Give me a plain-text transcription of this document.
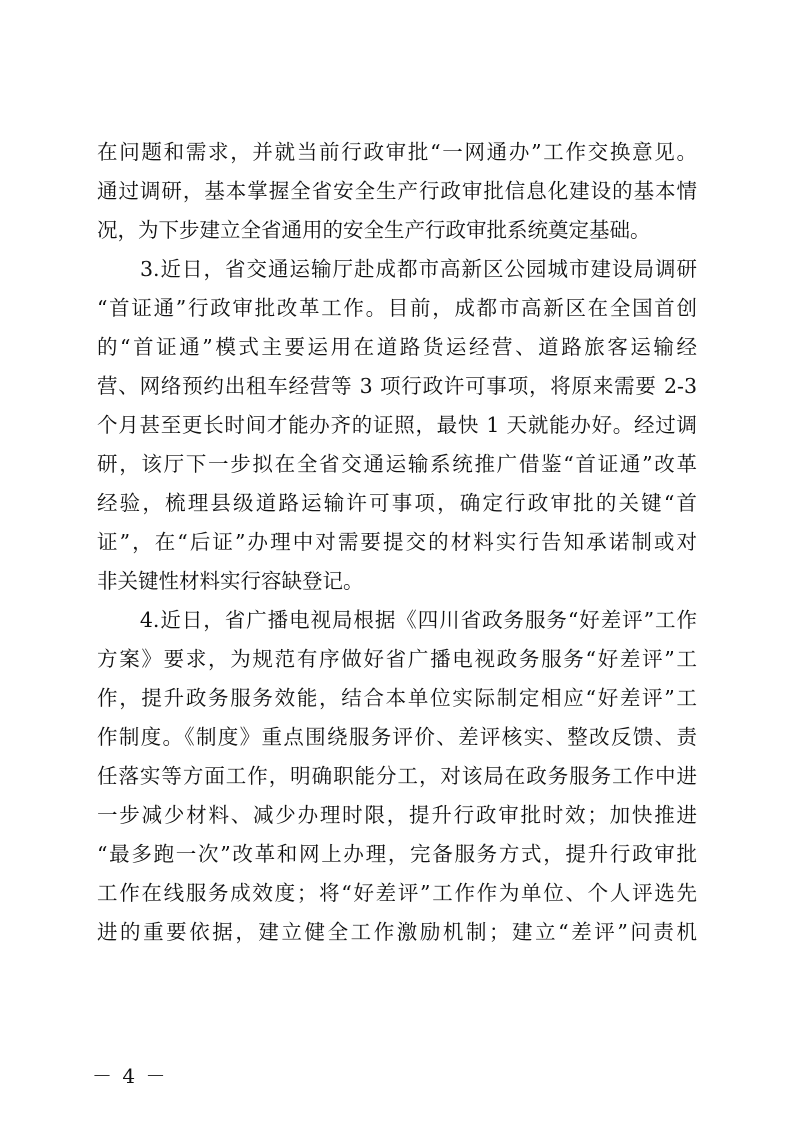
在问题和需求，并就当前行政审批“一网通办”工作交换意见。
通过调研，基本掌握全省安全生产行政审批信息化建设的基本情
况，为下步建立全省通用的安全生产行政审批系统奠定基础。
　　3.近日，省交通运输厅赴成都市高新区公园城市建设局调研
“首证通”行政审批改革工作。目前，成都市高新区在全国首创
的“首证通”模式主要运用在道路货运经营、道路旅客运输经
营、网络预约出租车经营等 3 项行政许可事项，将原来需要 2-3
个月甚至更长时间才能办齐的证照，最快 1 天就能办好。经过调
研，该厅下一步拟在全省交通运输系统推广借鉴“首证通”改革
经验，梳理县级道路运输许可事项，确定行政审批的关键“首
证”，在“后证”办理中对需要提交的材料实行告知承诺制或对
非关键性材料实行容缺登记。
　　4.近日，省广播电视局根据《四川省政务服务“好差评”工作
方案》要求，为规范有序做好省广播电视政务服务“好差评”工
作，提升政务服务效能，结合本单位实际制定相应“好差评”工
作制度。《制度》重点围绕服务评价、差评核实、整改反馈、责
任落实等方面工作，明确职能分工，对该局在政务服务工作中进
一步减少材料、减少办理时限，提升行政审批时效；加快推进
“最多跑一次”改革和网上办理，完备服务方式，提升行政审批
工作在线服务成效度；将“好差评”工作作为单位、个人评选先
进的重要依据，建立健全工作激励机制；建立“差评”问责机
－ 4 －
